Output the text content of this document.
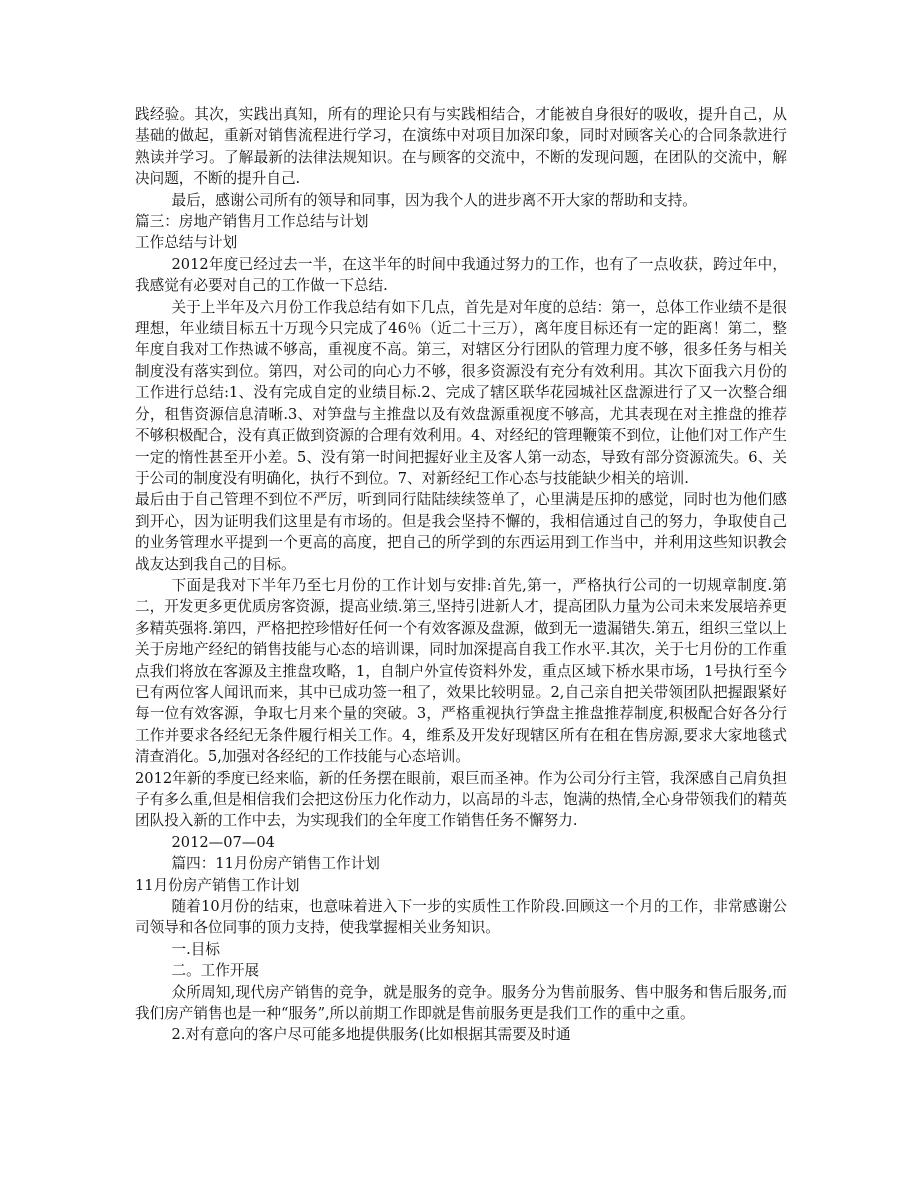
践经验。其次，实践出真知，所有的理论只有与实践相结合，才能被自身很好的吸收，提升自己，从基础的做起，重新对销售流程进行学习，在演练中对项目加深印象，同时对顾客关心的合同条款进行熟读并学习。了解最新的法律法规知识。在与顾客的交流中，不断的发现问题，在团队的交流中，解决问题，不断的提升自己.

最后，感谢公司所有的领导和同事，因为我个人的进步离不开大家的帮助和支持。

篇三：房地产销售月工作总结与计划

工作总结与计划

2012年度已经过去一半，在这半年的时间中我通过努力的工作，也有了一点收获，跨过年中，我感觉有必要对自己的工作做一下总结.

关于上半年及六月份工作我总结有如下几点，首先是对年度的总结：第一，总体工作业绩不是很理想，年业绩目标五十万现今只完成了46％（近二十三万），离年度目标还有一定的距离！第二，整年度自我对工作热诚不够高，重视度不高。第三，对辖区分行团队的管理力度不够，很多任务与相关制度没有落实到位。第四，对公司的向心力不够，很多资源没有充分有效利用。其次下面我六月份的工作进行总结:1、没有完成自定的业绩目标.2、完成了辖区联华花园城社区盘源进行了又一次整合细分，租售资源信息清晰.3、对笋盘与主推盘以及有效盘源重视度不够高，尤其表现在对主推盘的推荐不够积极配合，没有真正做到资源的合理有效利用。4、对经纪的管理鞭策不到位，让他们对工作产生一定的惰性甚至开小差。5、没有第一时间把握好业主及客人第一动态，导致有部分资源流失。6、关于公司的制度没有明确化，执行不到位。7、对新经纪工作心态与技能缺少相关的培训.

最后由于自己管理不到位不严厉，听到同行陆陆续续签单了，心里满是压抑的感觉，同时也为他们感到开心，因为证明我们这里是有市场的。但是我会坚持不懈的，我相信通过自己的努力，争取使自己的业务管理水平提到一个更高的高度，把自己的所学到的东西运用到工作当中，并利用这些知识教会战友达到我自己的目标。

下面是我对下半年乃至七月份的工作计划与安排:首先,第一，严格执行公司的一切规章制度.第二，开发更多更优质房客资源，提高业绩.第三,坚持引进新人才，提高团队力量为公司未来发展培养更多精英强将.第四，严格把控珍惜好任何一个有效客源及盘源，做到无一遗漏错失.第五，组织三堂以上关于房地产经纪的销售技能与心态的培训课，同时加深提高自我工作水平.其次，关于七月份的工作重点我们将放在客源及主推盘攻略，1，自制户外宣传资料外发，重点区域下桥水果市场，1号执行至今已有两位客人闻讯而来，其中已成功签一租了，效果比较明显。2,自己亲自把关带领团队把握跟紧好每一位有效客源，争取七月来个量的突破。3，严格重视执行笋盘主推盘推荐制度,积极配合好各分行工作并要求各经纪无条件履行相关工作。4，维系及开发好现辖区所有在租在售房源,要求大家地毯式清查消化。5,加强对各经纪的工作技能与心态培训。

2012年新的季度已经来临，新的任务摆在眼前，艰巨而圣神。作为公司分行主管，我深感自己肩负担子有多么重,但是相信我们会把这份压力化作动力，以高昂的斗志，饱满的热情,全心身带领我们的精英团队投入新的工作中去，为实现我们的全年度工作销售任务不懈努力.

2012—07—04

篇四：11月份房产销售工作计划

11月份房产销售工作计划

随着10月份的结束，也意味着进入下一步的实质性工作阶段.回顾这一个月的工作，非常感谢公司领导和各位同事的顶力支持，使我掌握相关业务知识。

一.目标

二。工作开展

众所周知,现代房产销售的竞争，就是服务的竞争。服务分为售前服务、售中服务和售后服务,而我们房产销售也是一种“服务”,所以前期工作即就是售前服务更是我们工作的重中之重。

2.对有意向的客户尽可能多地提供服务(比如根据其需要及时通
